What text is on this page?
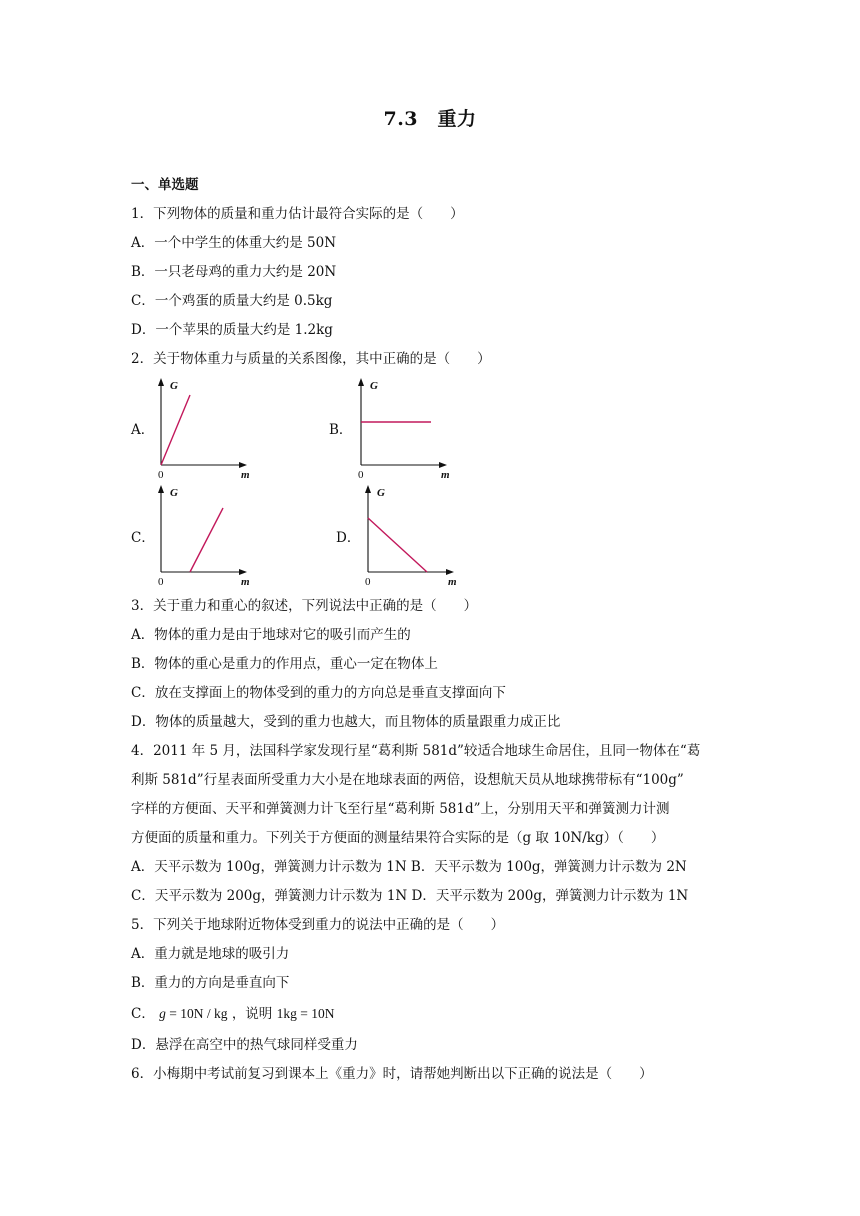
7.3　重力
一、单选题
1．下列物体的质量和重力估计最符合实际的是（　　）
A．一个中学生的体重大约是 50N
B．一只老母鸡的重力大约是 20N
C．一个鸡蛋的质量大约是 0.5kg
D．一个苹果的质量大约是 1.2kg
2．关于物体重力与质量的关系图像，其中正确的是（　　）
A．
G
m
0
B．
G
m
0
C．
G
m
0
D．
G
m
0
3．关于重力和重心的叙述，下列说法中正确的是（　　）
A．物体的重力是由于地球对它的吸引而产生的
B．物体的重心是重力的作用点，重心一定在物体上
C．放在支撑面上的物体受到的重力的方向总是垂直支撑面向下
D．物体的质量越大，受到的重力也越大，而且物体的质量跟重力成正比
4．2011 年 5 月，法国科学家发现行星“葛利斯 581d”较适合地球生命居住，且同一物体在“葛
利斯 581d”行星表面所受重力大小是在地球表面的两倍，设想航天员从地球携带标有“100g”
字样的方便面、天平和弹簧测力计飞至行星“葛利斯 581d”上，分别用天平和弹簧测力计测
方便面的质量和重力。下列关于方便面的测量结果符合实际的是（g 取 10N/kg）（　　）
A．天平示数为 100g，弹簧测力计示数为 1N B．天平示数为 100g，弹簧测力计示数为 2N
C．天平示数为 200g，弹簧测力计示数为 1N D．天平示数为 200g，弹簧测力计示数为 1N
5．下列关于地球附近物体受到重力的说法中正确的是（　　）
A．重力就是地球的吸引力
B．重力的方向是垂直向下
C． g = 10N / kg ，说明 1kg = 10N
D．悬浮在高空中的热气球同样受重力
6．小梅期中考试前复习到课本上《重力》时，请帮她判断出以下正确的说法是（　　）
